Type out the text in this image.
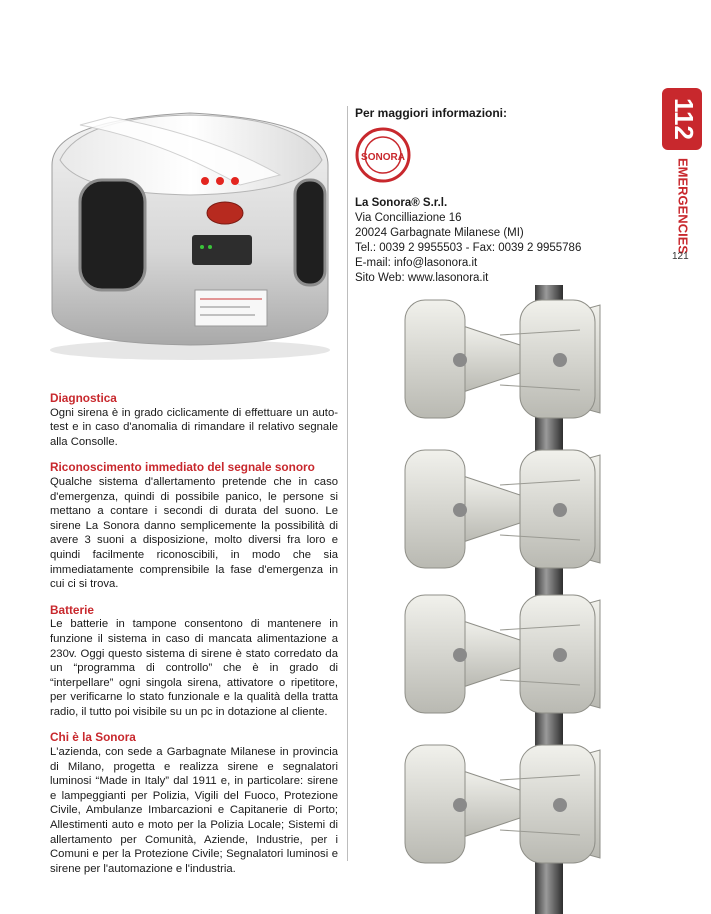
Per maggiori informazioni:
SONORA
La Sonora® S.r.l.
Via Concilliazione 16
20024 Garbagnate Milanese (MI)
Tel.: 0039 2 9955503 - Fax: 0039 2 9955786
E-mail: info@lasonora.it
Sito Web: www.lasonora.it
112
EMERGENCIES
121

Diagnostica

Ogni sirena è in grado ciclicamente di effettuare un auto-test e in caso d'anomalia di rimandare il relativo segnale alla Consolle.

Riconoscimento immediato del segnale sonoro

Qualche sistema d'allertamento pretende che in caso d'emergenza, quindi di possibile panico, le persone si mettano a contare i secondi di durata del suono. Le sirene La Sonora danno semplicemente la possibilità di avere 3 suoni a disposizione, molto diversi fra loro e quindi facilmente riconoscibili, in modo che sia immediatamente comprensibile la fase d'emergenza in cui ci si trova.

Batterie

Le batterie in tampone consentono di mantenere in funzione il sistema in caso di mancata alimentazione a 230v. Oggi questo sistema di sirene è stato corredato da un “programma di controllo” che è in grado di “interpellare” ogni singola sirena, attivatore o ripetitore, per verificarne lo stato funzionale e la qualità della tratta radio, il tutto poi visibile su un pc in dotazione al cliente.

Chi è la Sonora

L'azienda, con sede a Garbagnate Milanese in provincia di Milano, progetta e realizza sirene e segnalatori luminosi “Made in Italy” dal 1911 e, in particolare: sirene e lampeggianti per Polizia, Vigili del Fuoco, Protezione Civile, Ambulanze Imbarcazioni e Capitanerie di Porto; Allestimenti auto e moto per la Polizia Locale; Sistemi di allertamento per Comunità, Aziende, Industrie, per i Comuni e per la Protezione Civile; Segnalatori luminosi e sirene per l'automazione e l'industria.
